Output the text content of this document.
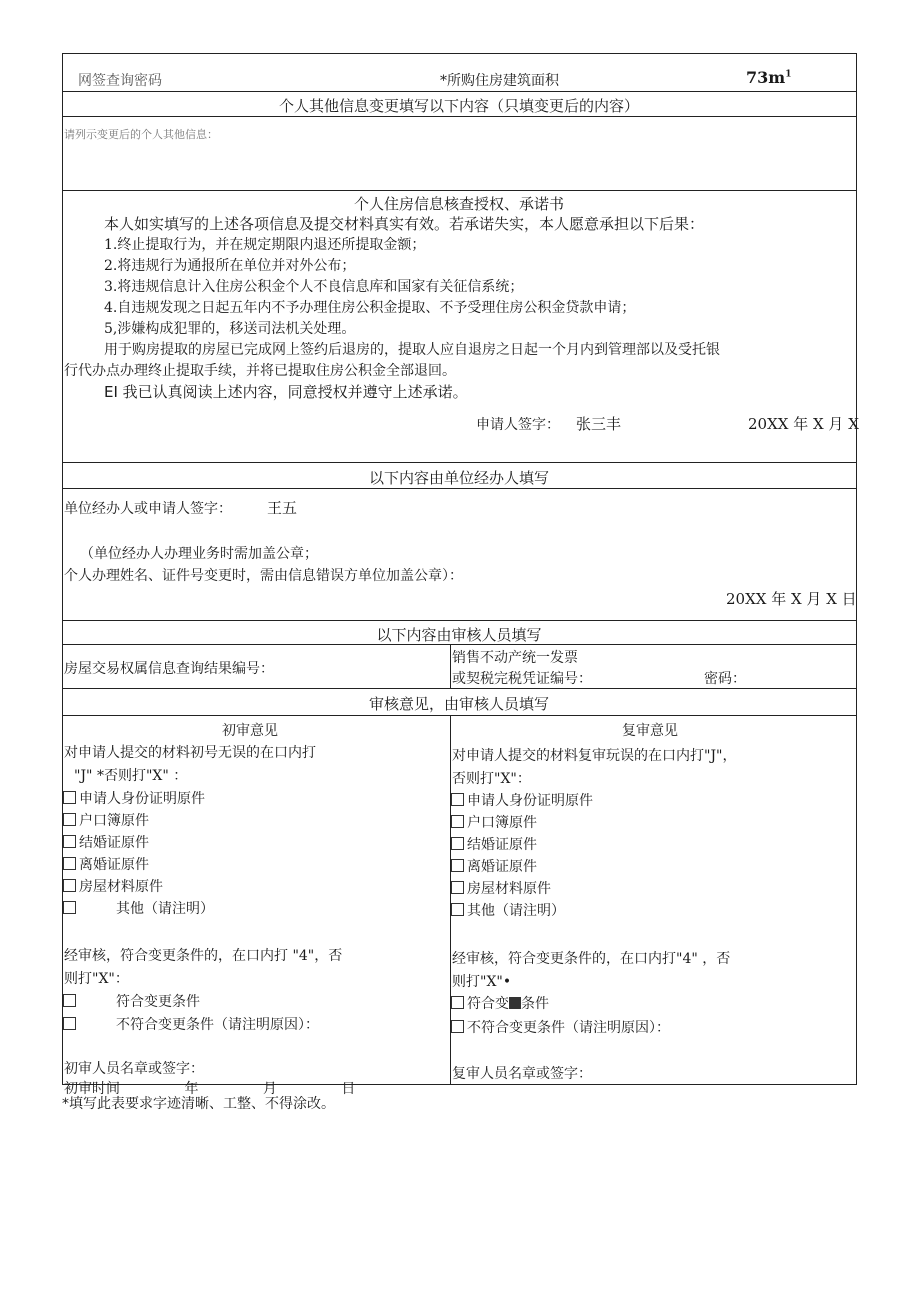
网签查询密码	*所购住房建筑面积	$73m^1$
个人其他信息变更填写以下内容（只填变更后的内容）
请列示变更后的个人其他信息：
个人住房信息核查授权、承诺书
本人如实填写的上述各项信息及提交材料真实有效。若承诺失实，本人愿意承担以下后果：
1.终止提取行为，并在规定期限内退还所提取金额；
2.将违规行为通报所在单位并对外公布；
3.将违规信息计入住房公积金个人不良信息库和国家有关征信系统；
4.自违规发现之日起五年内不予办理住房公积金提取、不予受理住房公积金贷款申请；
5,涉嫌构成犯罪的，移送司法机关处理。
用于购房提取的房屋已完成网上签约后退房的，提取人应自退房之日起一个月内到管理部以及受托银
行代办点办理终止提取手续，并将已提取住房公积金全部退回。
EI 我已认真阅读上述内容，同意授权并遵守上述承诺。
申请人签字： 张三丰	20XX 年 X 月 X
以下内容由单位经办人填写
单位经办人或申请人签字： 王五
（单位经办人办理业务时需加盖公章；
个人办理姓名、证件号变更时，需由信息错误方单位加盖公章）：
20XX 年 X 月 X 日
以下内容由审核人员填写
房屋交易权属信息查询结果编号：
销售不动产统一发票
或契税完税凭证编号：	密码：
审核意见，由审核人员填写
初审意见
对申请人提交的材料初号无误的在口内打
"J" *否则打"X" ：
申请人身份证明原件
户口簿原件
结婚证原件
离婚证原件
房屋材料原件
其他（请注明）
经审核，符合变更条件的，在口内打 "4"，否
则打"X"：
符合变更条件
不符合变更条件（请注明原因）：
初审人员名章或签字：
初审时间 年 月 日
复审意见
对申请人提交的材料复审玩误的在口内打"J"，
否则打"X"：
申请人身份证明原件
户口簿原件
结婚证原件
离婚证原件
房屋材料原件
其他（请注明）
经审核，符合变更条件的，在口内打"4" ，否
则打"X"•
符合变 条件
不符合变更条件（请注明原因）：
复审人员名章或签字：
*填写此表要求字迹清晰、工整、不得涂改。
